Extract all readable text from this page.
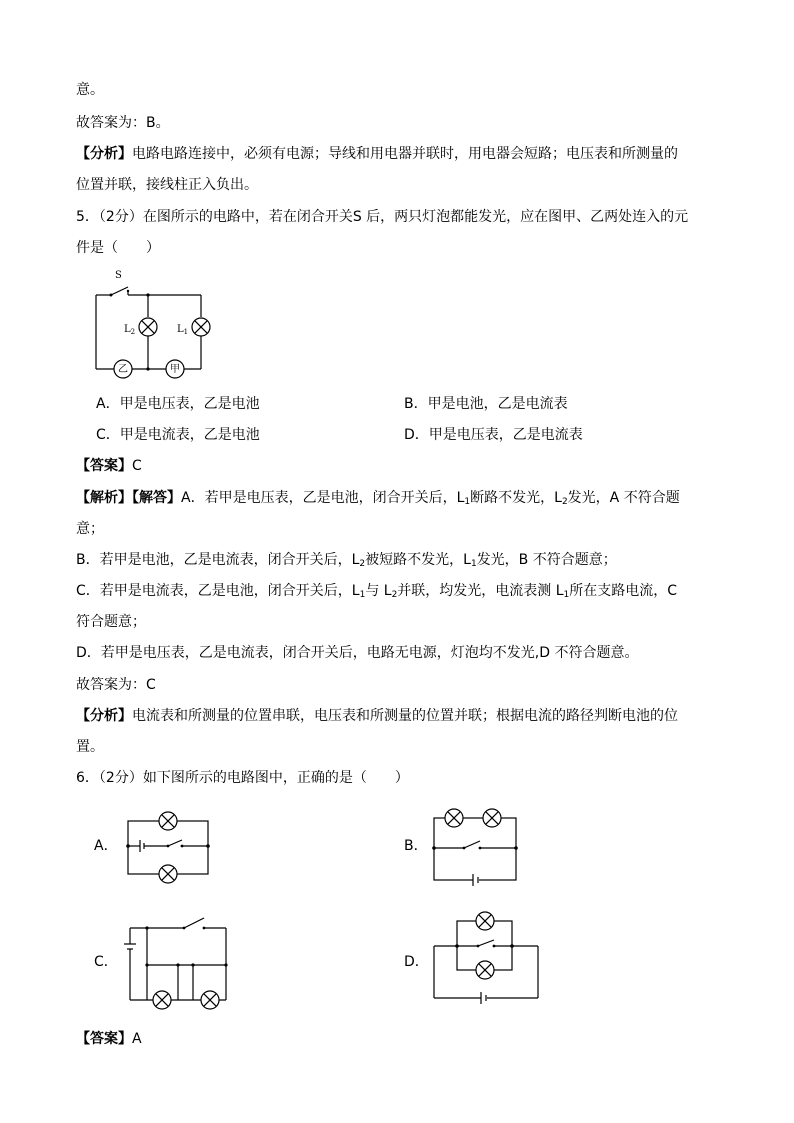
意。
故答案为：B。
【分析】电路电路连接中，必须有电源；导线和用电器并联时，用电器会短路；电压表和所测量的
位置并联，接线柱正入负出。
5．（2分）在图所示的电路中，若在闭合开关S 后，两只灯泡都能发光，应在图甲、乙两处连入的元
件是（　　）
S
$L_2$	$L_1$
乙	甲
A．甲是电压表，乙是电池	B．甲是电池，乙是电流表
C．甲是电流表，乙是电池	D．甲是电压表，乙是电流表
【答案】C
【解析】【解答】A．若甲是电压表，乙是电池，闭合开关后，$L_1$断路不发光，$L_2$发光，A 不符合题
意；
B．若甲是电池，乙是电流表，闭合开关后，$L_2$被短路不发光，$L_1$发光，B 不符合题意；
C．若甲是电流表，乙是电池，闭合开关后，$L_1$与 $L_2$并联，均发光，电流表测 $L_1$所在支路电流，C
符合题意；
D．若甲是电压表，乙是电流表，闭合开关后，电路无电源，灯泡均不发光,D 不符合题意。
故答案为：C
【分析】电流表和所测量的位置串联，电压表和所测量的位置并联；根据电流的路径判断电池的位
置。
6．（2分）如下图所示的电路图中，正确的是（　　）
A．	B．
C．	D．
【答案】A
